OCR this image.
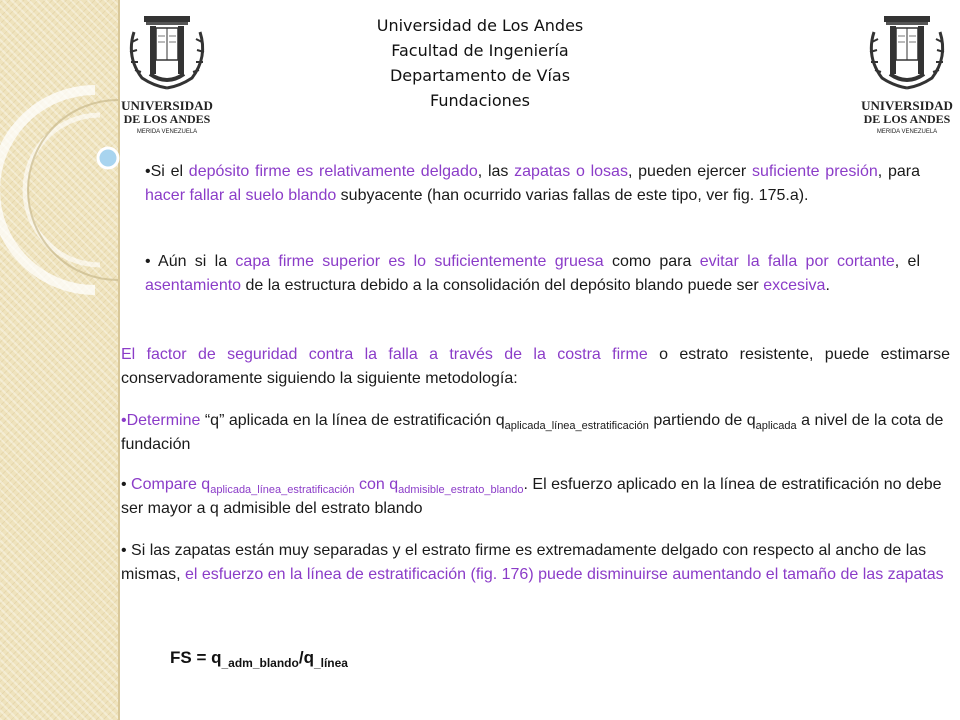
UNIVERSIDAD
DE LOS ANDES
MERIDA VENEZUELA
UNIVERSIDAD
DE LOS ANDES
MERIDA VENEZUELA
Universidad de Los Andes
Facultad de Ingeniería
Departamento de Vías
Fundaciones

•Si el depósito firme es relativamente delgado, las zapatas o losas, pueden ejercer suficiente presión, para hacer fallar al suelo blando subyacente (han ocurrido varias fallas de este tipo, ver fig. 175.a).

• Aún si la capa firme superior es lo suficientemente gruesa como para evitar la falla por cortante, el asentamiento de la estructura debido a la consolidación del depósito blando puede ser excesiva.

El factor de seguridad contra la falla a través de la costra firme o estrato resistente, puede estimarse conservadoramente siguiendo la siguiente metodología:

•Determine “q” aplicada en la línea de estratificación $q_{aplicada\_línea\_estratificación}$ partiendo de $q_{aplicada}$ a nivel de la cota de fundación

• Compare $q_{aplicada\_línea\_estratificación}$ con $q_{admisible\_estrato\_blando}$. El esfuerzo aplicado en la línea de estratificación no debe ser mayor a q admisible del estrato blando

• Si las zapatas están muy separadas y el estrato firme es extremadamente delgado con respecto al ancho de las mismas, el esfuerzo en la línea de estratificación (fig. 176) puede disminuirse aumentando el tamaño de las zapatas

FS = $q_{\_adm\_blando}/q_{\_línea}$
